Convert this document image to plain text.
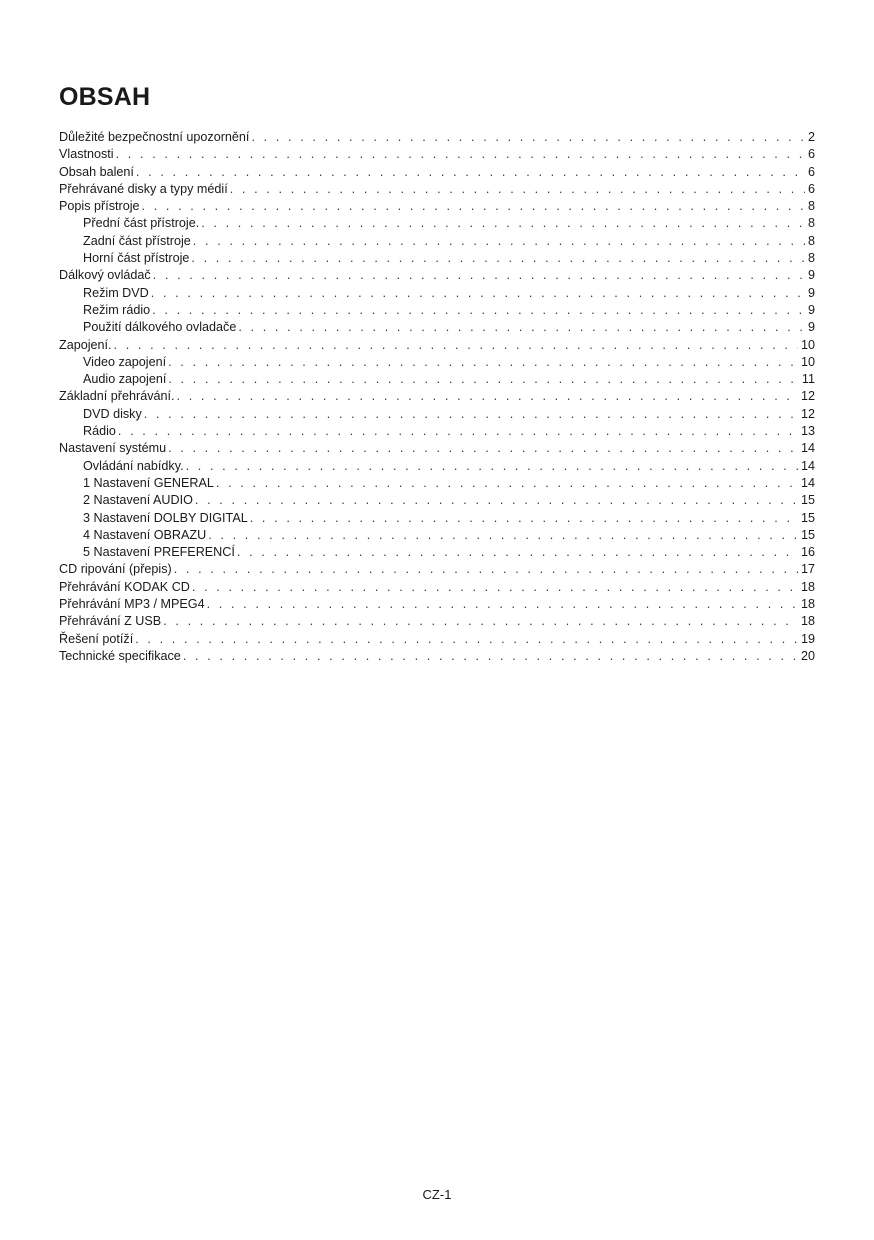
OBSAH
Důležité bezpečnostní upozornění . . .	2
Vlastnosti . . .	6
Obsah balení . . .	6
Přehrávané disky a typy médií . . .	6
Popis přístroje . . .	8
Přední část přístroje. . . .	8
Zadní část přístroje . . .	8
Horní část přístroje . . .	8
Dálkový ovládač . . .	9
Režim DVD . . .	9
Režim rádio . . .	9
Použití dálkového ovladače . . .	9
Zapojení. . . .	10
Video zapojení . . .	10
Audio zapojení . . .	11
Základní přehrávání. . . .	12
DVD disky . . .	12
Rádio . . .	13
Nastavení systému . . .	14
Ovládání nabídky. . . .	14
1 Nastavení GENERAL . . .	14
2 Nastavení AUDIO . . .	15
3 Nastavení DOLBY DIGITAL . . .	15
4 Nastavení OBRAZU . . .	15
5 Nastavení PREFERENCÍ . . .	16
CD ripování (přepis) . . .	17
Přehrávání KODAK CD . . .	18
Přehrávání MP3 / MPEG4 . . .	18
Přehrávání Z USB . . .	18
Řešení potíží . . .	19
Technické specifikace . . .	20
CZ-1
